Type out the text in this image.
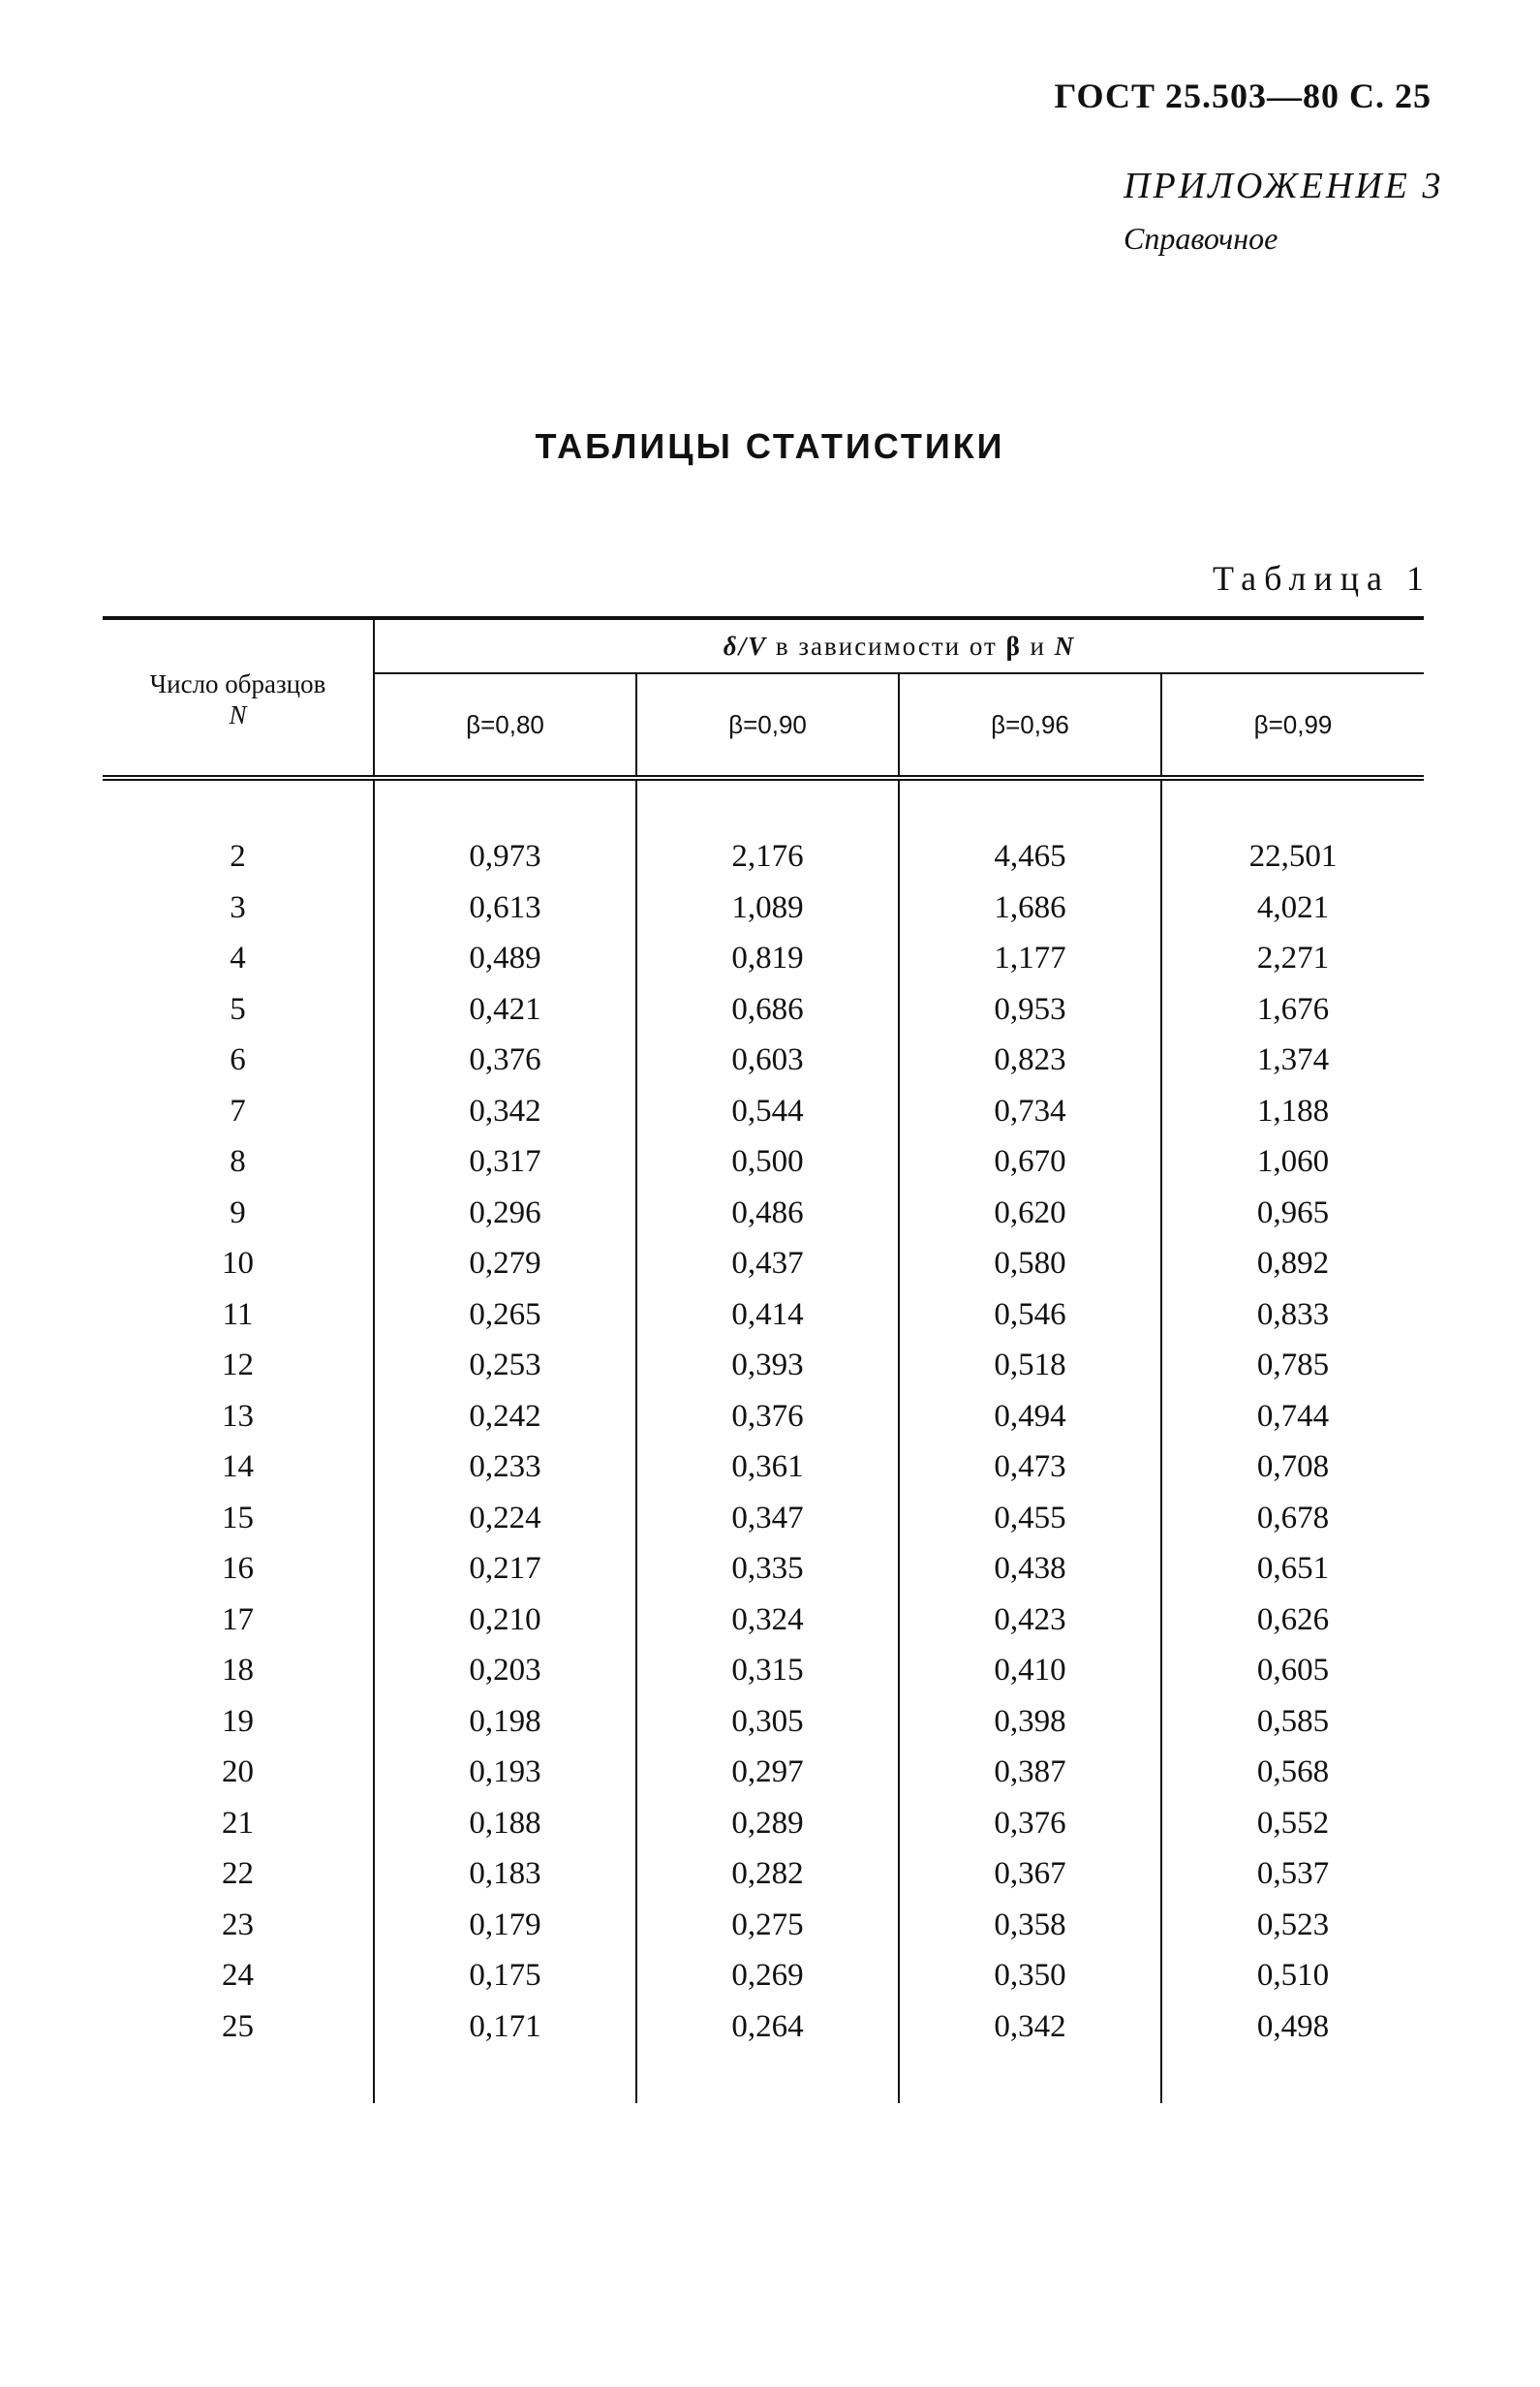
ГОСТ 25.503—80 С. 25
ПРИЛОЖЕНИЕ 3
Справочное
ТАБЛИЦЫ СТАТИСТИКИ
Таблица 1
Число образцов
N	δ/V в зависимости от β и N			
	β=0,80	β=0,90	β=0,96	β=0,99

2	0,973	2,176	4,465	22,501
3	0,613	1,089	1,686	4,021
4	0,489	0,819	1,177	2,271
5	0,421	0,686	0,953	1,676
6	0,376	0,603	0,823	1,374
7	0,342	0,544	0,734	1,188
8	0,317	0,500	0,670	1,060
9	0,296	0,486	0,620	0,965
10	0,279	0,437	0,580	0,892
11	0,265	0,414	0,546	0,833
12	0,253	0,393	0,518	0,785
13	0,242	0,376	0,494	0,744
14	0,233	0,361	0,473	0,708
15	0,224	0,347	0,455	0,678
16	0,217	0,335	0,438	0,651
17	0,210	0,324	0,423	0,626
18	0,203	0,315	0,410	0,605
19	0,198	0,305	0,398	0,585
20	0,193	0,297	0,387	0,568
21	0,188	0,289	0,376	0,552
22	0,183	0,282	0,367	0,537
23	0,179	0,275	0,358	0,523
24	0,175	0,269	0,350	0,510
25	0,171	0,264	0,342	0,498
